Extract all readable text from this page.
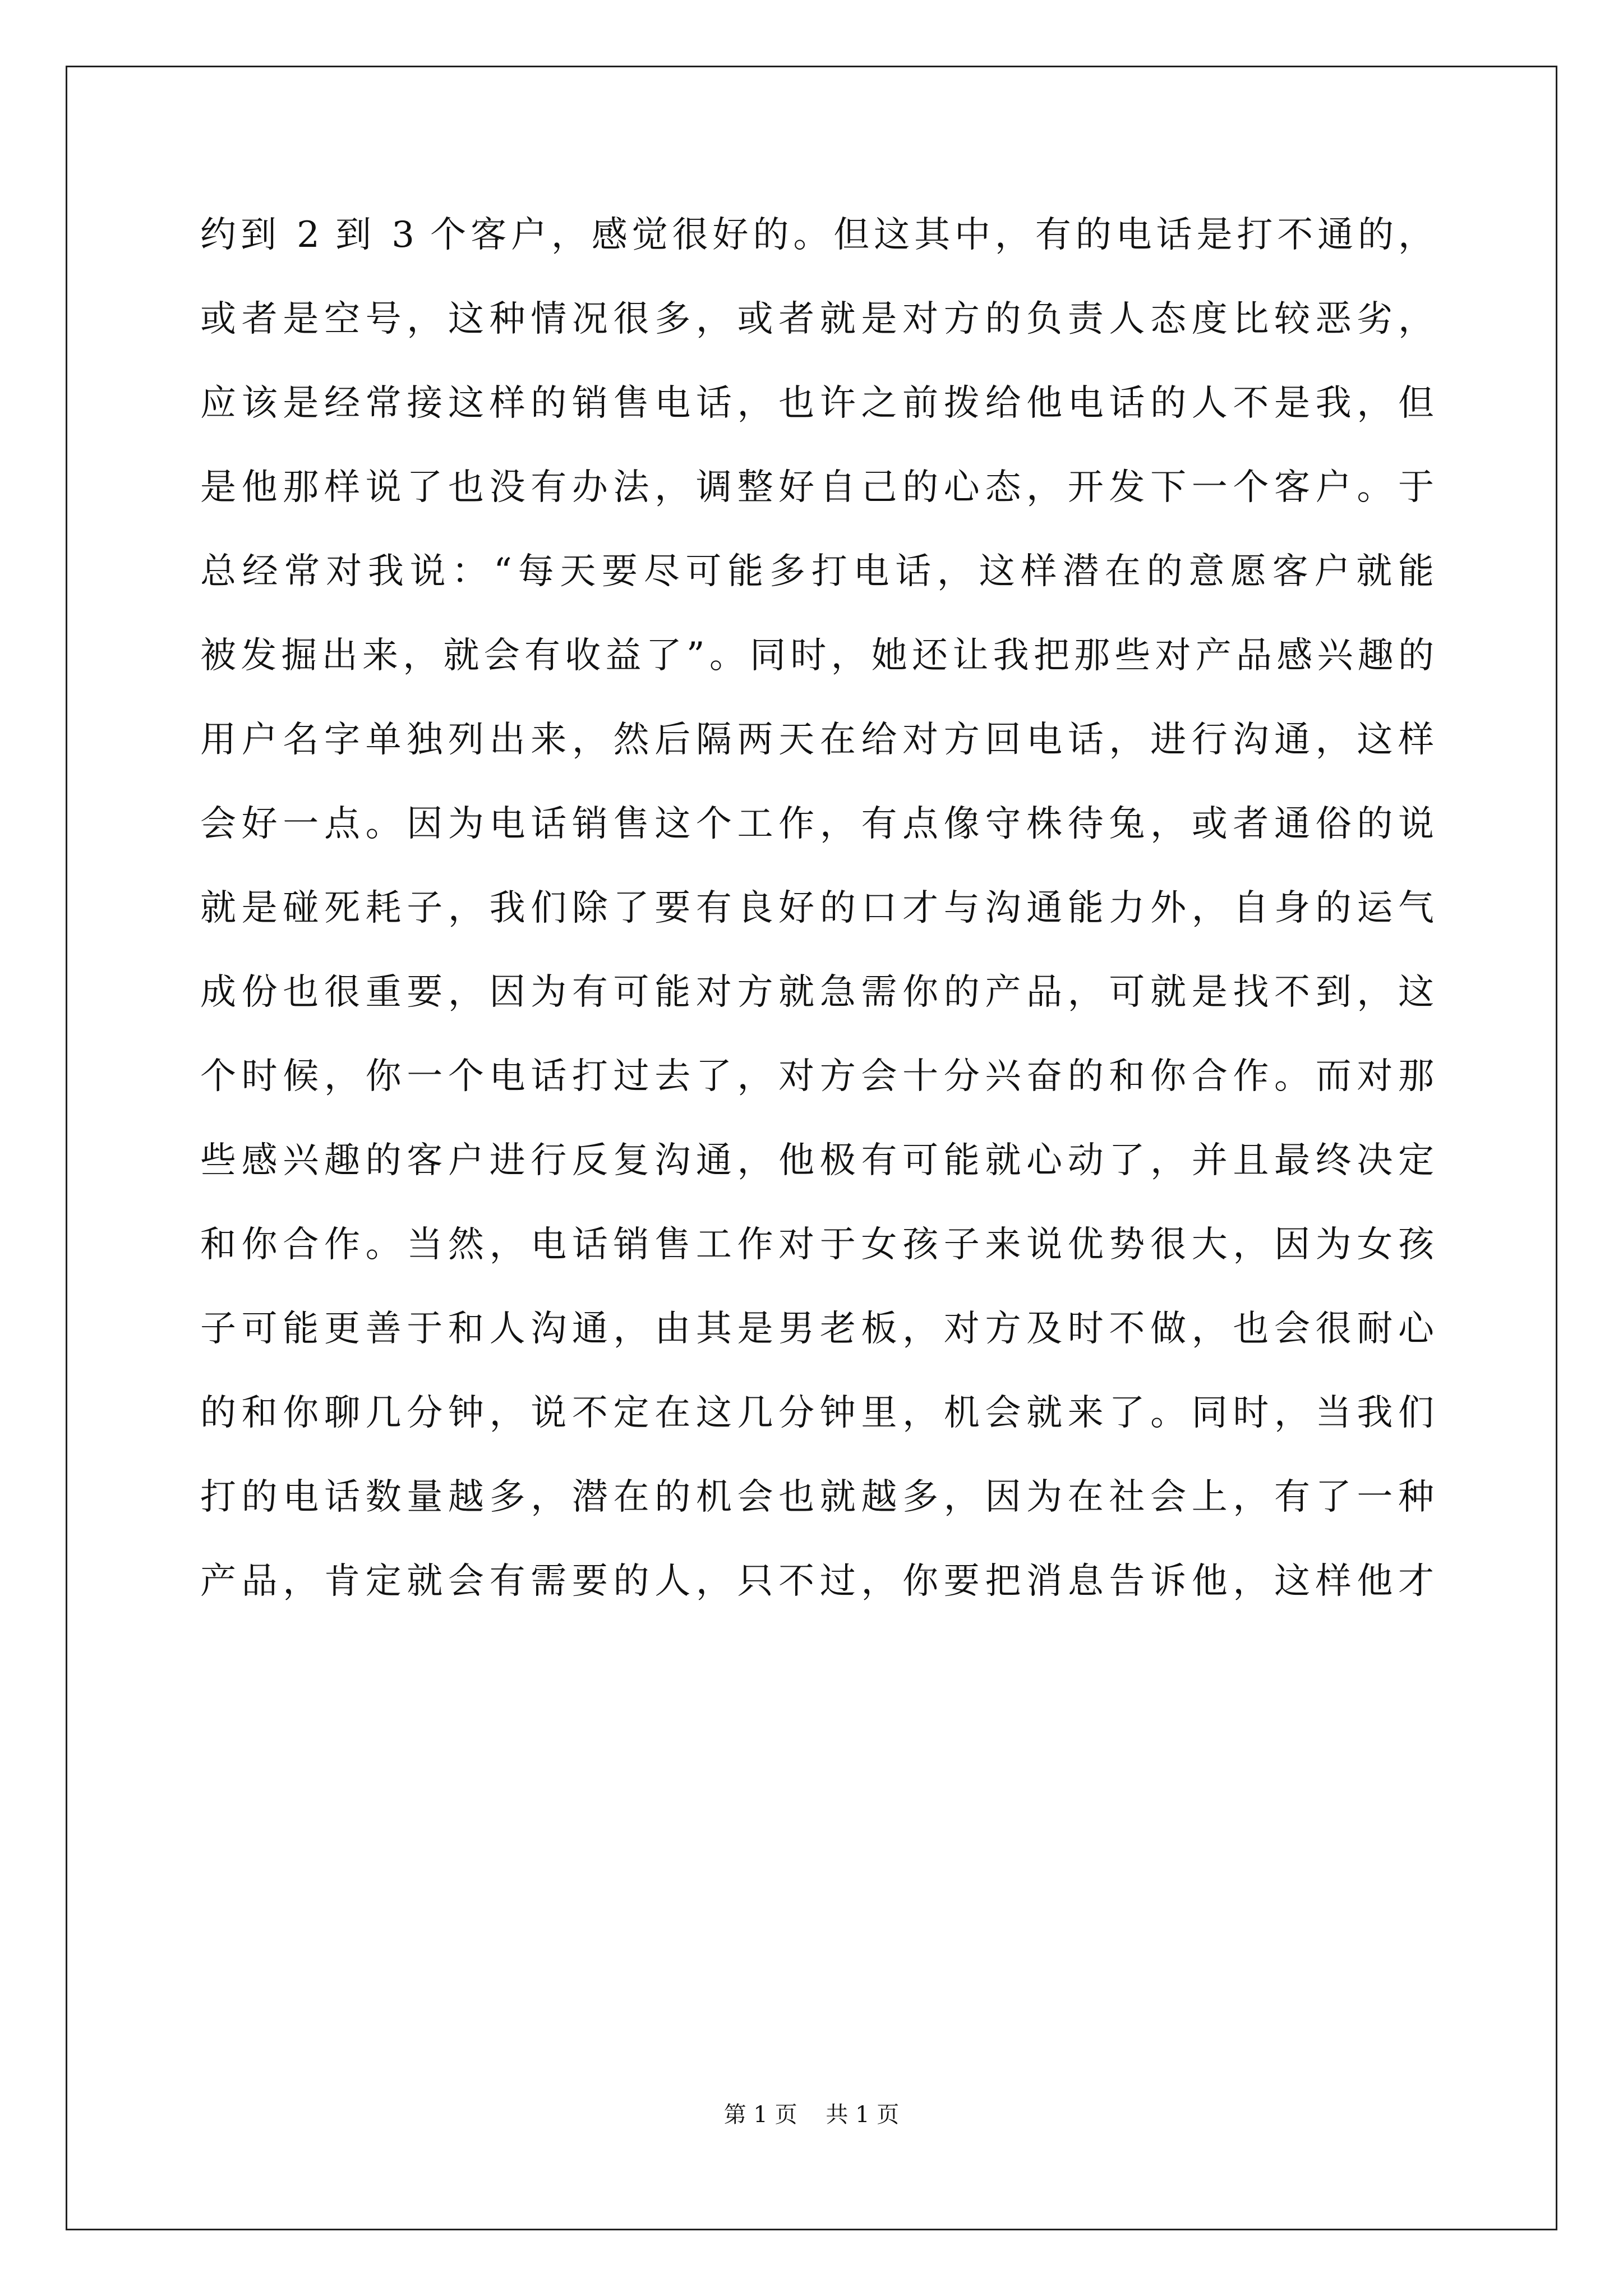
约到 2 到 3 个客户，感觉很好的。但这其中，有的电话是打不通的，
或者是空号，这种情况很多，或者就是对方的负责人态度比较恶劣，
应该是经常接这样的销售电话，也许之前拨给他电话的人不是我，但
是他那样说了也没有办法，调整好自己的心态，开发下一个客户。于
总经常对我说：“每天要尽可能多打电话，这样潜在的意愿客户就能
被发掘出来，就会有收益了”。同时，她还让我把那些对产品感兴趣的
用户名字单独列出来，然后隔两天在给对方回电话，进行沟通，这样
会好一点。因为电话销售这个工作，有点像守株待兔，或者通俗的说
就是碰死耗子，我们除了要有良好的口才与沟通能力外，自身的运气
成份也很重要，因为有可能对方就急需你的产品，可就是找不到，这
个时候，你一个电话打过去了，对方会十分兴奋的和你合作。而对那
些感兴趣的客户进行反复沟通，他极有可能就心动了，并且最终决定
和你合作。当然，电话销售工作对于女孩子来说优势很大，因为女孩
子可能更善于和人沟通，由其是男老板，对方及时不做，也会很耐心
的和你聊几分钟，说不定在这几分钟里，机会就来了。同时，当我们
打的电话数量越多，潜在的机会也就越多，因为在社会上，有了一种
产品，肯定就会有需要的人，只不过，你要把消息告诉他，这样他才
第 1 页    共 1 页
